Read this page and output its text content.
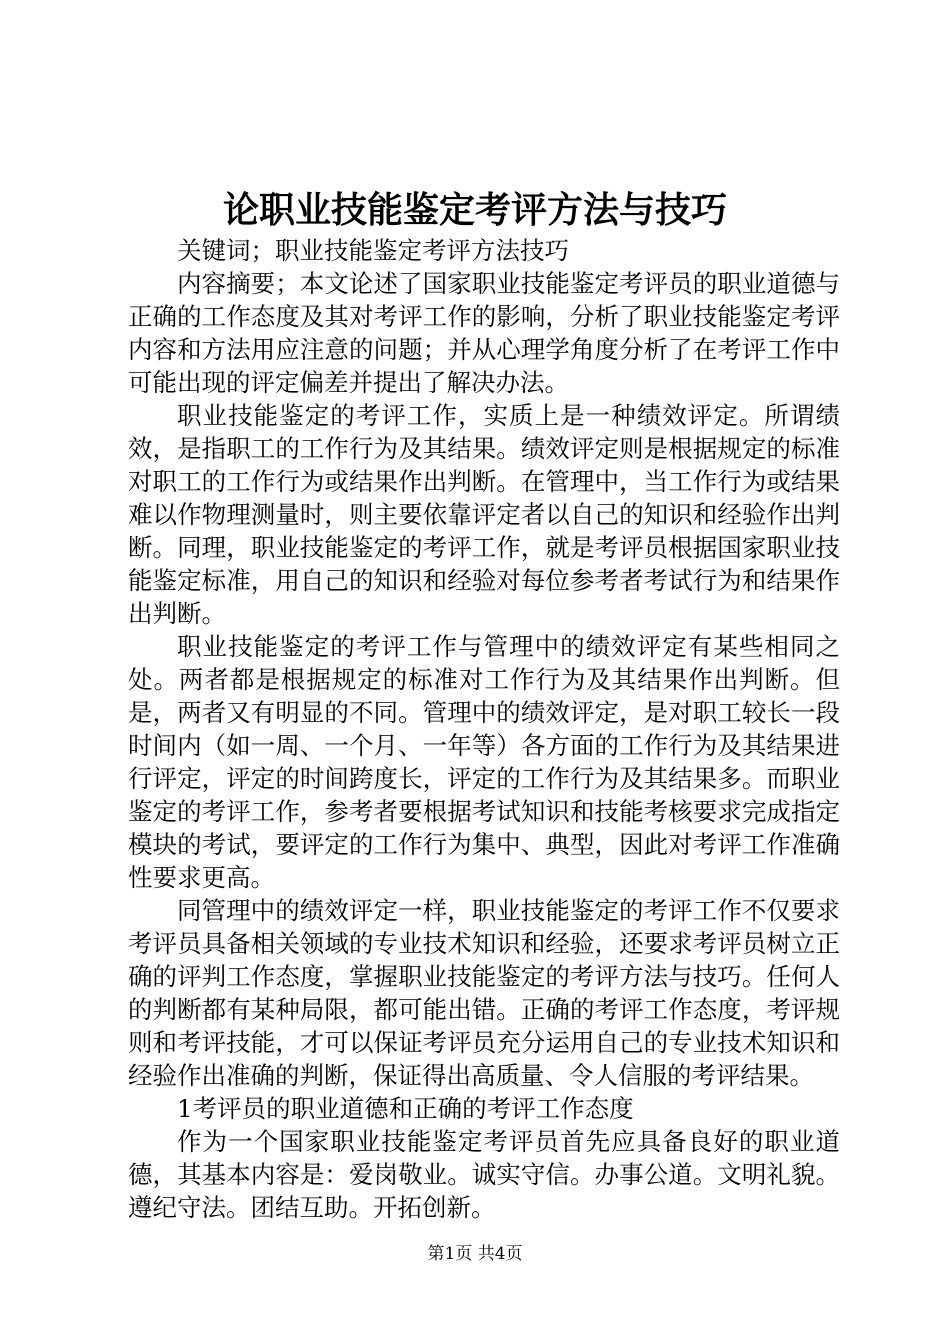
论职业技能鉴定考评方法与技巧

关键词；职业技能鉴定考评方法技巧

内容摘要；本文论述了国家职业技能鉴定考评员的职业道德与正确的工作态度及其对考评工作的影响，分析了职业技能鉴定考评内容和方法用应注意的问题；并从心理学角度分析了在考评工作中可能出现的评定偏差并提出了解决办法。

职业技能鉴定的考评工作，实质上是一种绩效评定。所谓绩效，是指职工的工作行为及其结果。绩效评定则是根据规定的标准对职工的工作行为或结果作出判断。在管理中，当工作行为或结果难以作物理测量时，则主要依靠评定者以自己的知识和经验作出判断。同理，职业技能鉴定的考评工作，就是考评员根据国家职业技能鉴定标准，用自己的知识和经验对每位参考者考试行为和结果作出判断。

职业技能鉴定的考评工作与管理中的绩效评定有某些相同之处。两者都是根据规定的标准对工作行为及其结果作出判断。但是，两者又有明显的不同。管理中的绩效评定，是对职工较长一段时间内（如一周、一个月、一年等）各方面的工作行为及其结果进行评定，评定的时间跨度长，评定的工作行为及其结果多。而职业鉴定的考评工作，参考者要根据考试知识和技能考核要求完成指定模块的考试，要评定的工作行为集中、典型，因此对考评工作准确性要求更高。

同管理中的绩效评定一样，职业技能鉴定的考评工作不仅要求考评员具备相关领域的专业技术知识和经验，还要求考评员树立正确的评判工作态度，掌握职业技能鉴定的考评方法与技巧。任何人的判断都有某种局限，都可能出错。正确的考评工作态度，考评规则和考评技能，才可以保证考评员充分运用自己的专业技术知识和经验作出准确的判断，保证得出高质量、令人信服的考评结果。

1考评员的职业道德和正确的考评工作态度

作为一个国家职业技能鉴定考评员首先应具备良好的职业道德，其基本内容是：爱岗敬业。诚实守信。办事公道。文明礼貌。遵纪守法。团结互助。开拓创新。

第1页 共4页
